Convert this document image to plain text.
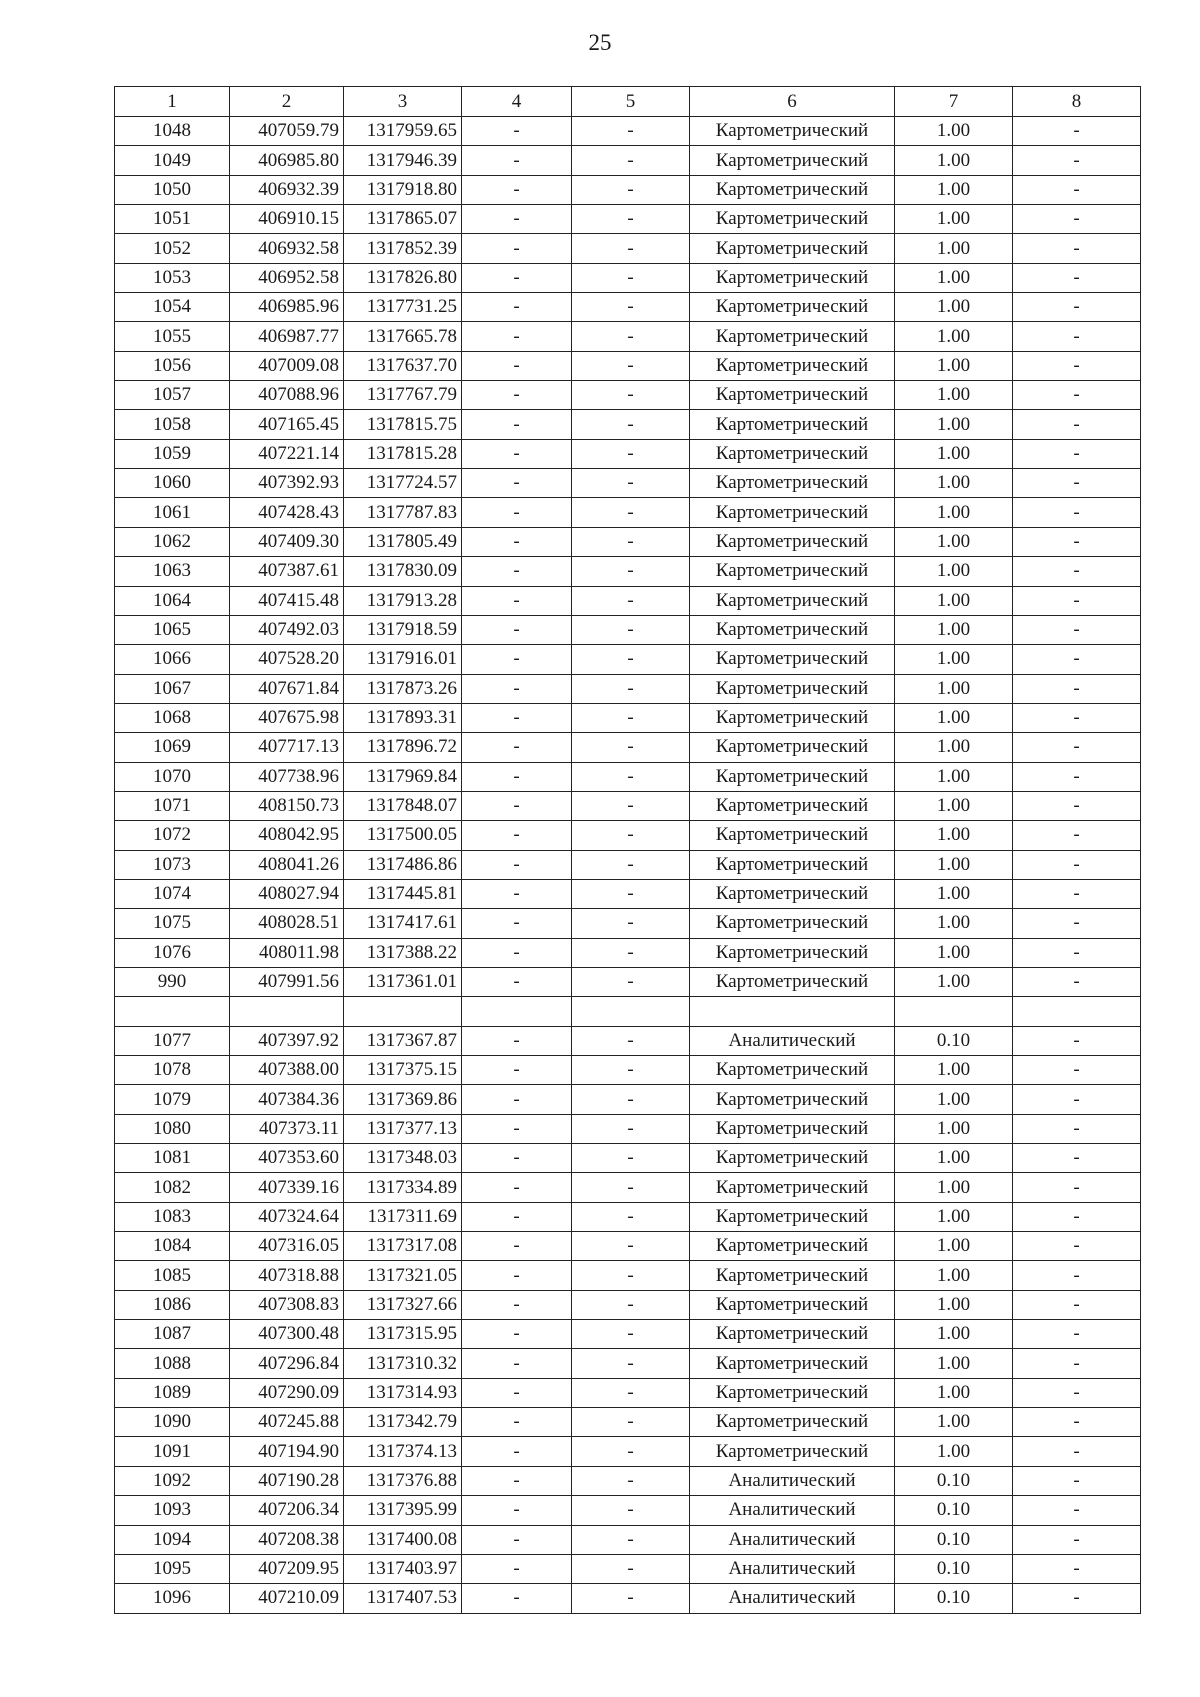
25
1	2	3	4	5	6	7	8
1048	407059.79	1317959.65	-	-	Картометрический	1.00	-
1049	406985.80	1317946.39	-	-	Картометрический	1.00	-
1050	406932.39	1317918.80	-	-	Картометрический	1.00	-
1051	406910.15	1317865.07	-	-	Картометрический	1.00	-
1052	406932.58	1317852.39	-	-	Картометрический	1.00	-
1053	406952.58	1317826.80	-	-	Картометрический	1.00	-
1054	406985.96	1317731.25	-	-	Картометрический	1.00	-
1055	406987.77	1317665.78	-	-	Картометрический	1.00	-
1056	407009.08	1317637.70	-	-	Картометрический	1.00	-
1057	407088.96	1317767.79	-	-	Картометрический	1.00	-
1058	407165.45	1317815.75	-	-	Картометрический	1.00	-
1059	407221.14	1317815.28	-	-	Картометрический	1.00	-
1060	407392.93	1317724.57	-	-	Картометрический	1.00	-
1061	407428.43	1317787.83	-	-	Картометрический	1.00	-
1062	407409.30	1317805.49	-	-	Картометрический	1.00	-
1063	407387.61	1317830.09	-	-	Картометрический	1.00	-
1064	407415.48	1317913.28	-	-	Картометрический	1.00	-
1065	407492.03	1317918.59	-	-	Картометрический	1.00	-
1066	407528.20	1317916.01	-	-	Картометрический	1.00	-
1067	407671.84	1317873.26	-	-	Картометрический	1.00	-
1068	407675.98	1317893.31	-	-	Картометрический	1.00	-
1069	407717.13	1317896.72	-	-	Картометрический	1.00	-
1070	407738.96	1317969.84	-	-	Картометрический	1.00	-
1071	408150.73	1317848.07	-	-	Картометрический	1.00	-
1072	408042.95	1317500.05	-	-	Картометрический	1.00	-
1073	408041.26	1317486.86	-	-	Картометрический	1.00	-
1074	408027.94	1317445.81	-	-	Картометрический	1.00	-
1075	408028.51	1317417.61	-	-	Картометрический	1.00	-
1076	408011.98	1317388.22	-	-	Картометрический	1.00	-
990	407991.56	1317361.01	-	-	Картометрический	1.00	-

1077	407397.92	1317367.87	-	-	Аналитический	0.10	-
1078	407388.00	1317375.15	-	-	Картометрический	1.00	-
1079	407384.36	1317369.86	-	-	Картометрический	1.00	-
1080	407373.11	1317377.13	-	-	Картометрический	1.00	-
1081	407353.60	1317348.03	-	-	Картометрический	1.00	-
1082	407339.16	1317334.89	-	-	Картометрический	1.00	-
1083	407324.64	1317311.69	-	-	Картометрический	1.00	-
1084	407316.05	1317317.08	-	-	Картометрический	1.00	-
1085	407318.88	1317321.05	-	-	Картометрический	1.00	-
1086	407308.83	1317327.66	-	-	Картометрический	1.00	-
1087	407300.48	1317315.95	-	-	Картометрический	1.00	-
1088	407296.84	1317310.32	-	-	Картометрический	1.00	-
1089	407290.09	1317314.93	-	-	Картометрический	1.00	-
1090	407245.88	1317342.79	-	-	Картометрический	1.00	-
1091	407194.90	1317374.13	-	-	Картометрический	1.00	-
1092	407190.28	1317376.88	-	-	Аналитический	0.10	-
1093	407206.34	1317395.99	-	-	Аналитический	0.10	-
1094	407208.38	1317400.08	-	-	Аналитический	0.10	-
1095	407209.95	1317403.97	-	-	Аналитический	0.10	-
1096	407210.09	1317407.53	-	-	Аналитический	0.10	-
